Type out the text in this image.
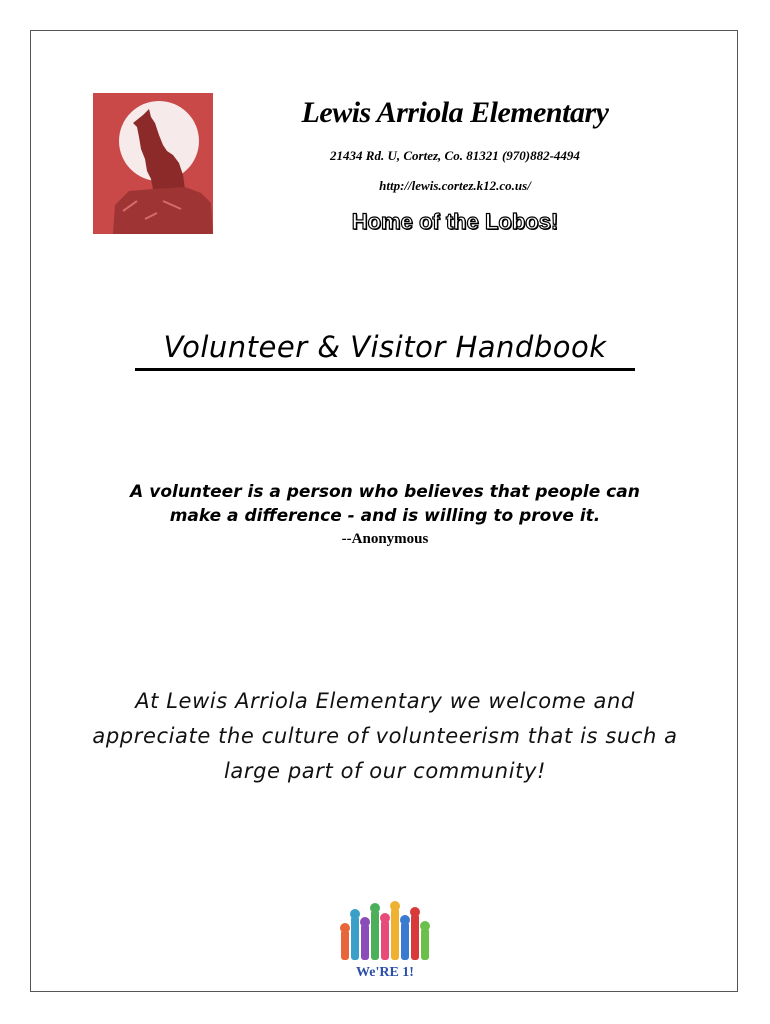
Lewis Arriola Elementary
21434 Rd. U, Cortez, Co. 81321 (970)882-4494
http://lewis.cortez.k12.co.us/
Home of the Lobos!
Volunteer & Visitor Handbook
A volunteer is a person who believes that people can
make a difference - and is willing to prove it.
--Anonymous
At Lewis Arriola Elementary we welcome and
appreciate the culture of volunteerism that is such a
large part of our community!
We'RE 1!
